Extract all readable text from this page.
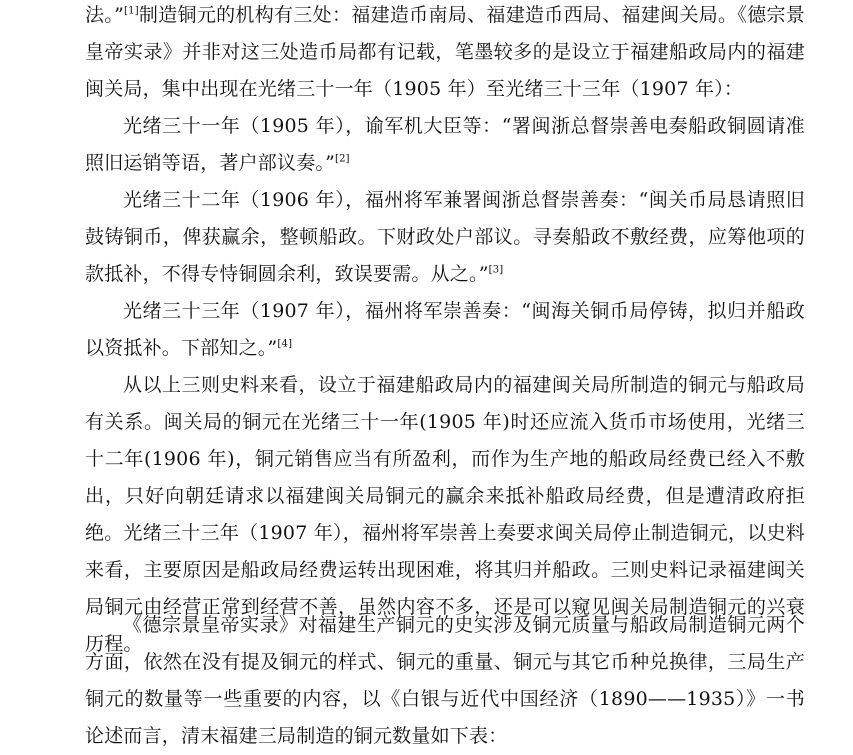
法。”[1]制造铜元的机构有三处：福建造币南局、福建造币西局、福建闽关局。《德宗景皇帝实录》并非对这三处造币局都有记载，笔墨较多的是设立于福建船政局内的福建闽关局，集中出现在光绪三十一年（1905 年）至光绪三十三年（1907 年）：

光绪三十一年（1905 年），谕军机大臣等：“署闽浙总督崇善电奏船政铜圆请准照旧运销等语，著户部议奏。”[2]

光绪三十二年（1906 年），福州将军兼署闽浙总督崇善奏：“闽关币局恳请照旧鼓铸铜币，俾获赢余，整顿船政。下财政处户部议。寻奏船政不敷经费，应筹他项的款抵补，不得专恃铜圆余利，致误要需。从之。”[3]

光绪三十三年（1907 年），福州将军崇善奏：“闽海关铜币局停铸，拟归并船政以资抵补。下部知之。”[4]

从以上三则史料来看，设立于福建船政局内的福建闽关局所制造的铜元与船政局有关系。闽关局的铜元在光绪三十一年(1905 年)时还应流入货币市场使用，光绪三十二年(1906 年)，铜元销售应当有所盈利，而作为生产地的船政局经费已经入不敷出，只好向朝廷请求以福建闽关局铜元的赢余来抵补船政局经费，但是遭清政府拒绝。光绪三十三年（1907 年），福州将军崇善上奏要求闽关局停止制造铜元，以史料来看，主要原因是船政局经费运转出现困难，将其归并船政。三则史料记录福建闽关局铜元由经营正常到经营不善，虽然内容不多，还是可以窥见闽关局制造铜元的兴衰历程。

《德宗景皇帝实录》对福建生产铜元的史实涉及铜元质量与船政局制造铜元两个方面，依然在没有提及铜元的样式、铜元的重量、铜元与其它币种兑换律，三局生产铜元的数量等一些重要的内容，以《白银与近代中国经济（1890——1935）》一书论述而言，清末福建三局制造的铜元数量如下表：
